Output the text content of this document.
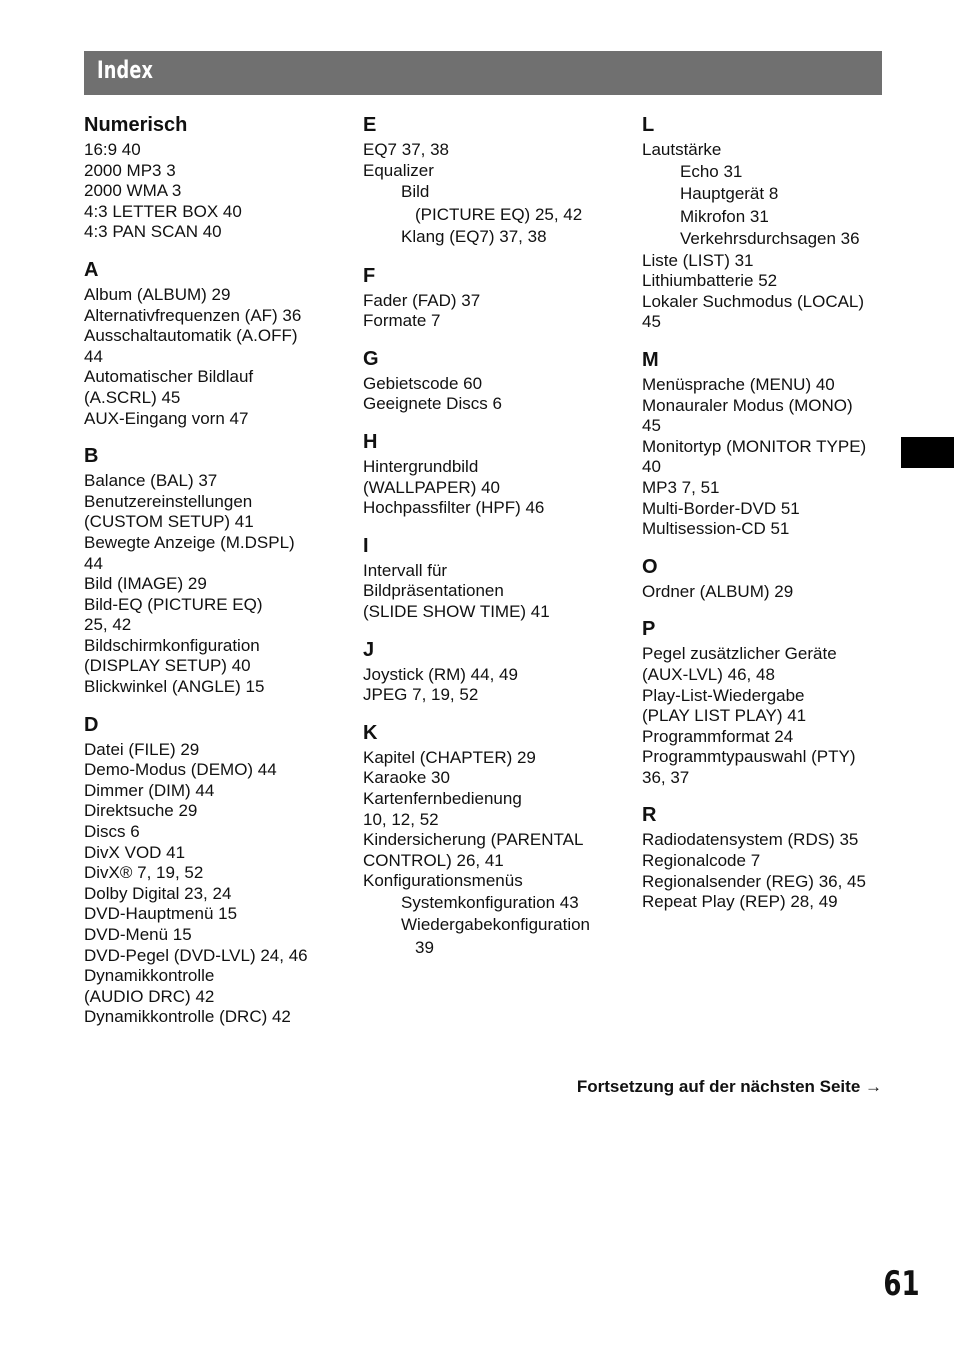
Index
Numerisch
16:9 40
2000 MP3 3
2000 WMA 3
4:3 LETTER BOX 40
4:3 PAN SCAN 40
A
Album (ALBUM) 29
Alternativfrequenzen (AF) 36
Ausschaltautomatik (A.OFF)
44
Automatischer Bildlauf
(A.SCRL) 45
AUX-Eingang vorn 47
B
Balance (BAL) 37
Benutzereinstellungen
(CUSTOM SETUP) 41
Bewegte Anzeige (M.DSPL)
44
Bild (IMAGE) 29
Bild-EQ (PICTURE EQ)
25, 42
Bildschirmkonfiguration
(DISPLAY SETUP) 40
Blickwinkel (ANGLE) 15
D
Datei (FILE) 29
Demo-Modus (DEMO) 44
Dimmer (DIM) 44
Direktsuche 29
Discs 6
DivX VOD 41
DivX® 7, 19, 52
Dolby Digital 23, 24
DVD-Hauptmenü 15
DVD-Menü 15
DVD-Pegel (DVD-LVL) 24, 46
Dynamikkontrolle
(AUDIO DRC) 42
Dynamikkontrolle (DRC) 42
E
EQ7 37, 38
Equalizer
Bild
(PICTURE EQ) 25, 42
Klang (EQ7) 37, 38
F
Fader (FAD) 37
Formate 7
G
Gebietscode 60
Geeignete Discs 6
H
Hintergrundbild
(WALLPAPER) 40
Hochpassfilter (HPF) 46
I
Intervall für
Bildpräsentationen
(SLIDE SHOW TIME) 41
J
Joystick (RM) 44, 49
JPEG 7, 19, 52
K
Kapitel (CHAPTER) 29
Karaoke 30
Kartenfernbedienung
10, 12, 52
Kindersicherung (PARENTAL
CONTROL) 26, 41
Konfigurationsmenüs
Systemkonfiguration 43
Wiedergabekonfiguration
39
L
Lautstärke
Echo 31
Hauptgerät 8
Mikrofon 31
Verkehrsdurchsagen 36
Liste (LIST) 31
Lithiumbatterie 52
Lokaler Suchmodus (LOCAL)
45
M
Menüsprache (MENU) 40
Monauraler Modus (MONO)
45
Monitortyp (MONITOR TYPE)
40
MP3 7, 51
Multi-Border-DVD 51
Multisession-CD 51
O
Ordner (ALBUM) 29
P
Pegel zusätzlicher Geräte
(AUX-LVL) 46, 48
Play-List-Wiedergabe
(PLAY LIST PLAY) 41
Programmformat 24
Programmtypauswahl (PTY)
36, 37
R
Radiodatensystem (RDS) 35
Regionalcode 7
Regionalsender (REG) 36, 45
Repeat Play (REP) 28, 49
Fortsetzung auf der nächsten Seite →
61
